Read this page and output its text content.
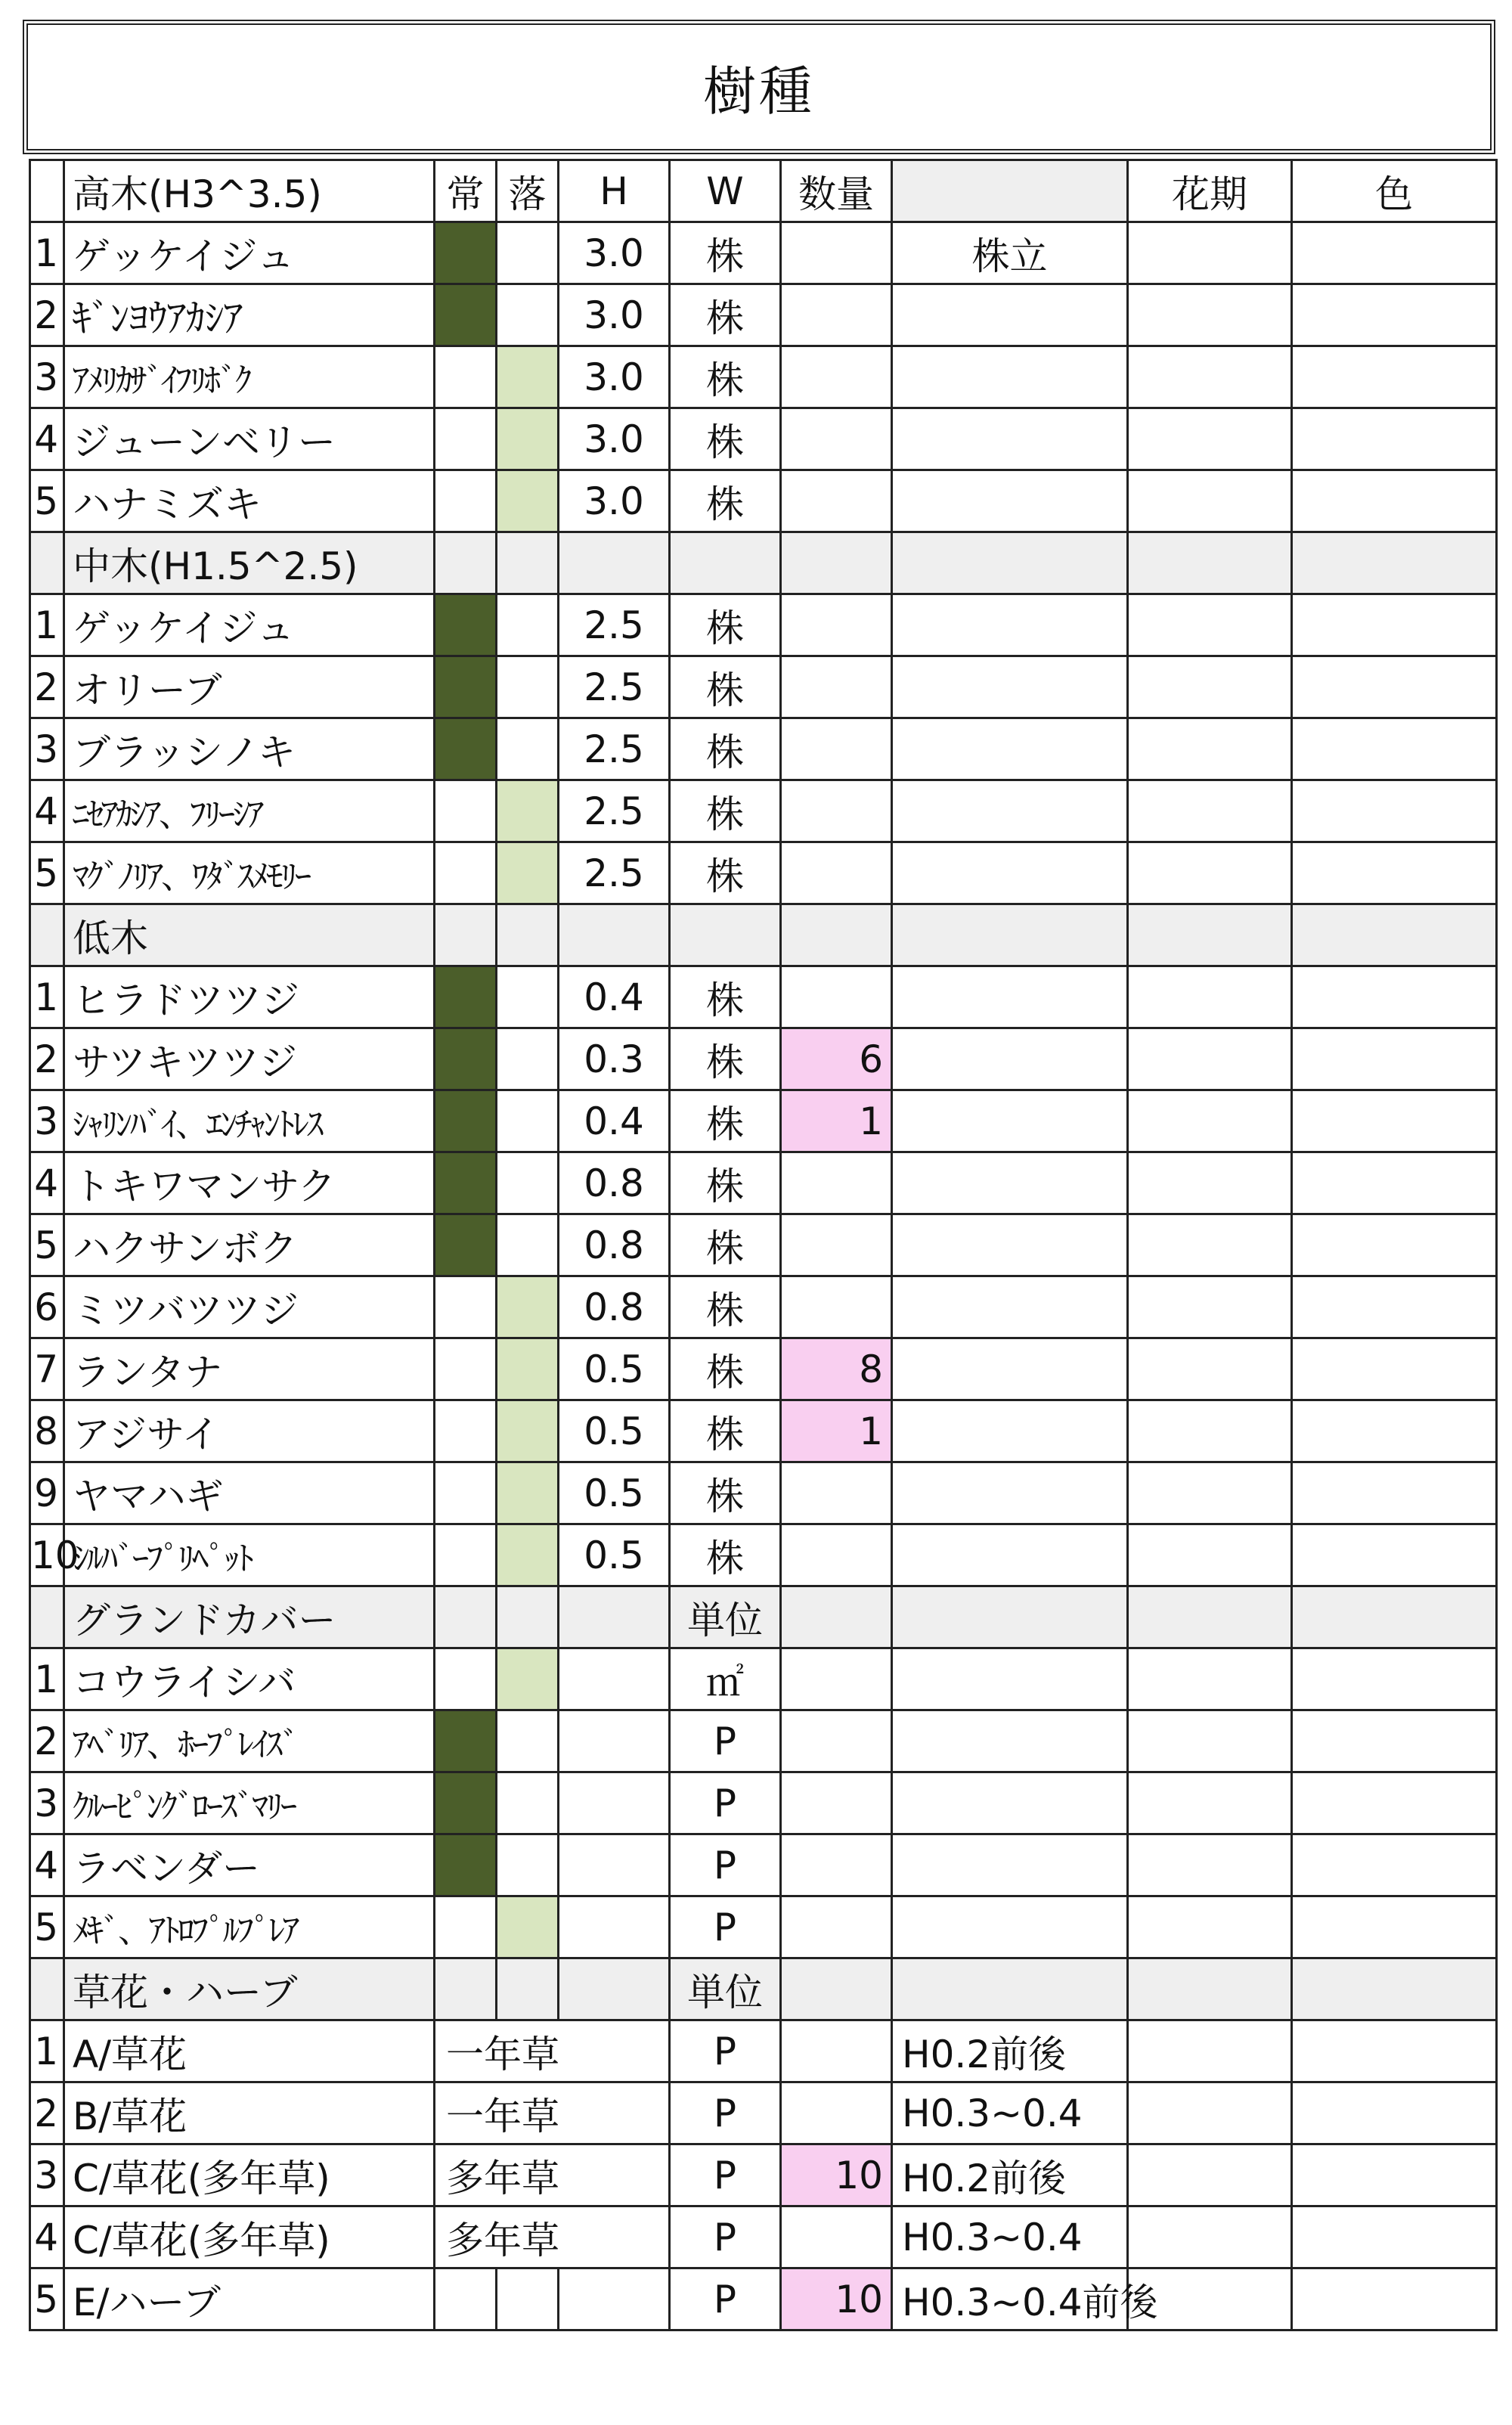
樹種
	高木(H3^3.5)	常	落	H	W	数量		花期	色
1	ゲッケイジュ			3.0	株		株立		
2	ｷﾞﾝﾖｳｱｶｼｱ			3.0	株				
3	ｱﾒﾘｶｻﾞｲﾌﾘﾎﾞｸ			3.0	株				
4	ジューンベリー			3.0	株				
5	ハナミズキ			3.0	株				
	中木(H1.5^2.5)								
1	ゲッケイジュ			2.5	株				
2	オリーブ			2.5	株				
3	ブラッシノキ			2.5	株				
4	ﾆｾｱｶｼｱ、ﾌﾘｰｼｱ			2.5	株				
5	ﾏｸﾞﾉﾘｱ、ﾜﾀﾞｽﾒﾓﾘｰ			2.5	株				
	低木								
1	ヒラドツツジ			0.4	株				
2	サツキツツジ			0.3	株	6			
3	ｼｬﾘﾝﾊﾞｲ、ｴﾝﾁｬﾝﾄﾚｽ			0.4	株	1			
4	トキワマンサク			0.8	株				
5	ハクサンボク			0.8	株				
6	ミツバツツジ			0.8	株				
7	ランタナ			0.5	株	8			
8	アジサイ			0.5	株	1			
9	ヤマハギ			0.5	株				
10	ｼﾙﾊﾞｰﾌﾟﾘﾍﾟｯﾄ			0.5	株				
	グランドカバー				単位				
1	コウライシバ				㎡				
2	ｱﾍﾞﾘｱ、ﾎｰﾌﾟﾚｲｽﾞ				P				
3	ｸﾙｰﾋﾟﾝｸﾞﾛｰｽﾞﾏﾘｰ				P				
4	ラベンダー				P				
5	ﾒｷﾞ、ｱﾄﾛﾌﾟﾙﾌﾟﾚｱ				P				
	草花・ハーブ				単位				
1	A/草花	一年草			P		H0.2前後		
2	B/草花	一年草			P		H0.3~0.4		
3	C/草花(多年草)	多年草			P	10	H0.2前後		
4	C/草花(多年草)	多年草			P		H0.3~0.4		
5	E/ハーブ				P	10	H0.3~0.4前後		
